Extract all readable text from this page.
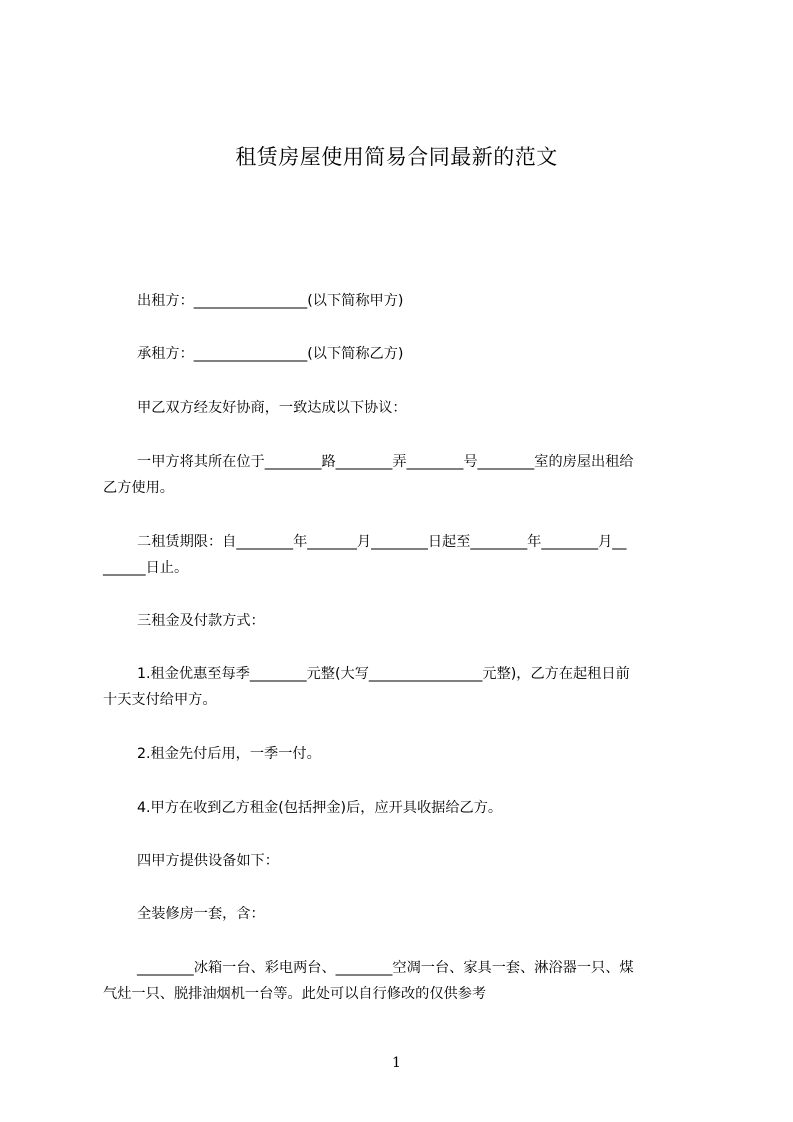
租赁房屋使用简易合同最新的范文
出租方：________________(以下简称甲方)
承租方：________________(以下简称乙方)
甲乙双方经友好协商，一致达成以下协议：
一甲方将其所在位于________路________弄________号________室的房屋出租给
乙方使用。
二租赁期限：自________年_______月________日起至________年________月__
______日止。
三租金及付款方式：
1.租金优惠至每季________元整(大写________________元整)，乙方在起租日前
十天支付给甲方。
2.租金先付后用，一季一付。
4.甲方在收到乙方租金(包括押金)后，应开具收据给乙方。
四甲方提供设备如下：
全装修房一套，含：
________冰箱一台、彩电两台、________空凋一台、家具一套、淋浴器一只、煤
气灶一只、脱排油烟机一台等。此处可以自行修改的仅供参考
1
